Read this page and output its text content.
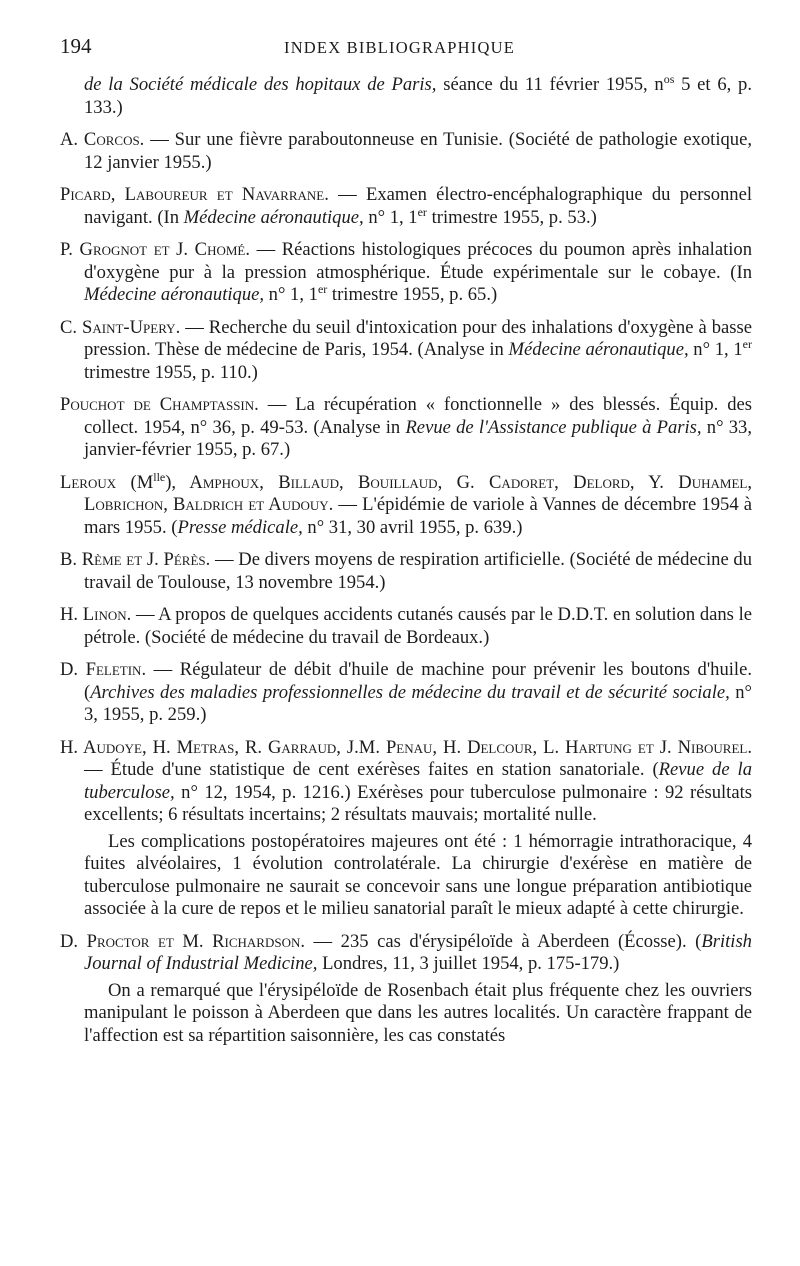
194	INDEX BIBLIOGRAPHIQUE

de la Société médicale des hopitaux de Paris, séance du 11 février 1955, $n^{os}$ 5 et 6, p. 133.)

A. Corcos. — Sur une fièvre paraboutonneuse en Tunisie. (Société de pathologie exotique, 12 janvier 1955.)

Picard, Laboureur et Navarrane. — Examen électro-encéphalographique du personnel navigant. (In Médecine aéronautique, n° 1, 1er trimestre 1955, p. 53.)

P. Grognot et J. Chomé. — Réactions histologiques précoces du poumon après inhalation d'oxygène pur à la pression atmosphérique. Étude expérimentale sur le cobaye. (In Médecine aéronautique, n° 1, 1er trimestre 1955, p. 65.)

C. Saint-Upery. — Recherche du seuil d'intoxication pour des inhalations d'oxygène à basse pression. Thèse de médecine de Paris, 1954. (Analyse in Médecine aéronautique, n° 1, 1er trimestre 1955, p. 110.)

Pouchot de Champtassin. — La récupération « fonctionnelle » des blessés. Équip. des collect. 1954, n° 36, p. 49-53. (Analyse in Revue de l'Assistance publique à Paris, n° 33, janvier-février 1955, p. 67.)

Leroux $(M^{lle})$, Amphoux, Billaud, Bouillaud, G. Cadoret, Delord, Y. Duhamel, Lobrichon, Baldrich et Audouy. — L'épidémie de variole à Vannes de décembre 1954 à mars 1955. (Presse médicale, n° 31, 30 avril 1955, p. 639.)

B. Rème et J. Pérès. — De divers moyens de respiration artificielle. (Société de médecine du travail de Toulouse, 13 novembre 1954.)

H. Linon. — A propos de quelques accidents cutanés causés par le D.D.T. en solution dans le pétrole. (Société de médecine du travail de Bordeaux.)

D. Feletin. — Régulateur de débit d'huile de machine pour prévenir les boutons d'huile. (Archives des maladies professionnelles de médecine du travail et de sécurité sociale, n° 3, 1955, p. 259.)

H. Audoye, H. Metras, R. Garraud, J.M. Penau, H. Delcour, L. Hartung et J. Nibourel. — Étude d'une statistique de cent exérèses faites en station sanatoriale. (Revue de la tuberculose, n° 12, 1954, p. 1216.) Exérèses pour tuberculose pulmonaire : 92 résultats excellents; 6 résultats incertains; 2 résultats mauvais; mortalité nulle.

Les complications postopératoires majeures ont été : 1 hémorragie intrathoracique, 4 fuites alvéolaires, 1 évolution controlatérale. La chirurgie d'exérèse en matière de tuberculose pulmonaire ne saurait se concevoir sans une longue préparation antibiotique associée à la cure de repos et le milieu sanatorial paraît le mieux adapté à cette chirurgie.

D. Proctor et M. Richardson. — 235 cas d'érysipéloïde à Aberdeen (Écosse). (British Journal of Industrial Medicine, Londres, 11, 3 juillet 1954, p. 175-179.)

On a remarqué que l'érysipéloïde de Rosenbach était plus fréquente chez les ouvriers manipulant le poisson à Aberdeen que dans les autres localités. Un caractère frappant de l'affection est sa répartition saisonnière, les cas constatés
